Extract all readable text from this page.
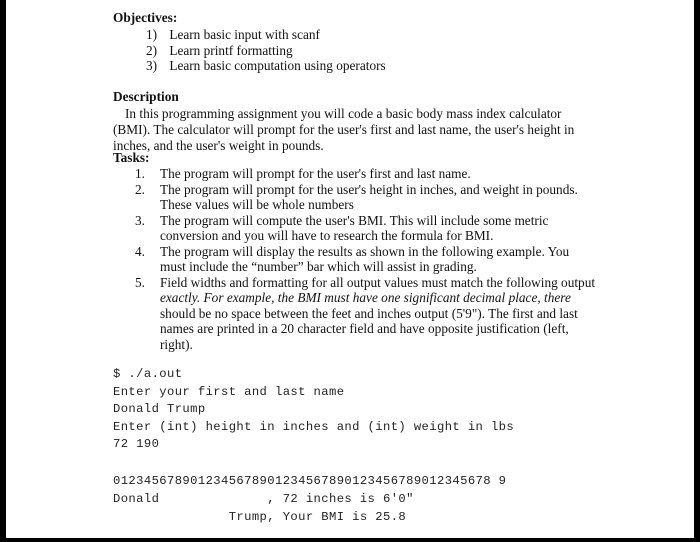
Objectives:
1) Learn basic input with scanf
2) Learn printf formatting
3) Learn basic computation using operators
Description
In this programming assignment you will code a basic body mass index calculator
(BMI). The calculator will prompt for the user's first and last name, the user's height in
inches, and the user's weight in pounds.
Tasks:
1. The program will prompt for the user's first and last name.
2. The program will prompt for the user's height in inches, and weight in pounds.
These values will be whole numbers
3. The program will compute the user's BMI. This will include some metric
conversion and you will have to research the formula for BMI.
4. The program will display the results as shown in the following example. You
must include the “number” bar which will assist in grading.
5. Field widths and formatting for all output values must match the following output
exactly. For example, the BMI must have one significant decimal place, there
should be no space between the feet and inches output (5'9"). The first and last
names are printed in a 20 character field and have opposite justification (left,
right).
$ ./a.out
Enter your first and last name
Donald Trump
Enter (int) height in inches and (int) weight in lbs
72 190
0123456789012345678901234567890123456789012345678 9
Donald              , 72 inches is 6'0"
Trump, Your BMI is 25.8
